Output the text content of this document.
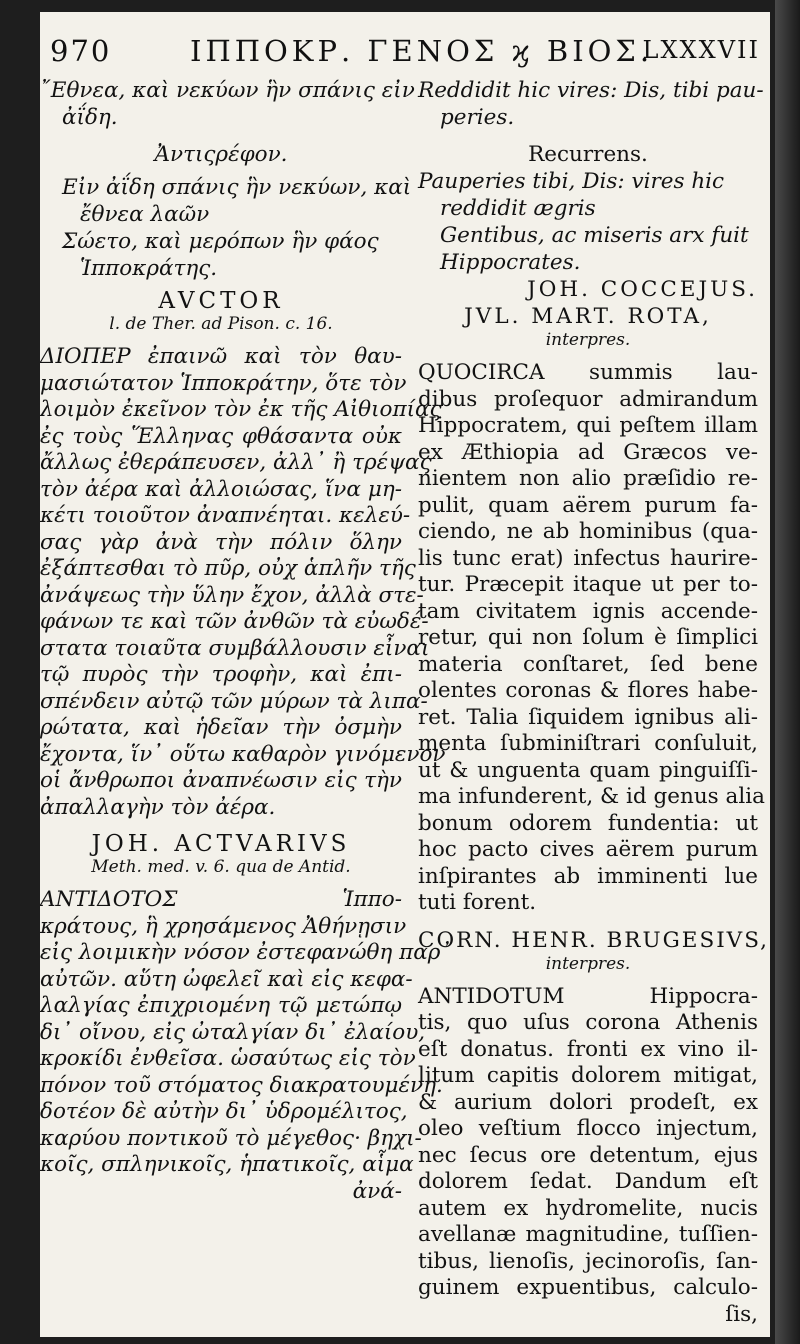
970	ΙΠΠΟΚΡ. ΓΕΝΟΣ ϗ ΒΙΟΣ.
LXXXVII
῎Εθνεα, καὶ νεκύων ἣν σπάνις εἰν
ἀΐδη.
Ἀντιςρέφον.
Εἰν ἀΐδη σπάνις ἣν νεκύων, καὶ
ἔθνεα λαῶν
Σώετο, καὶ μερόπων ἣν φάος
Ἱπποκράτης.
AVCTOR
l. de Ther. ad Pison. c. 16.
ΔΙΟΠΕΡ ἐπαινῶ καὶ τὸν θαυ-
μασιώτατον Ἱπποκράτην, ὅτε τὸν
λοιμὸν ἐκεῖνον τὸν ἐκ τῆς Αἰθιοπίας
ἐς τοὺς Ἕλληνας φθάσαντα οὐκ
ἄλλως ἐθεράπευσεν, ἀλλ᾽ ἢ τρέψας
τὸν ἀέρα καὶ ἀλλοιώσας, ἵνα μη-
κέτι τοιοῦτον ἀναπνέηται. κελεύ-
σας γὰρ ἀνὰ τὴν πόλιν ὅλην
ἐξάπτεσθαι τὸ πῦρ, οὐχ ἁπλῆν τῆς
ἀνάψεως τὴν ὕλην ἔχον, ἀλλὰ στε-
φάνων τε καὶ τῶν ἀνθῶν τὰ εὐωδέ-
στατα τοιαῦτα συμβάλλουσιν εἶναι
τῷ πυρὸς τὴν τροφὴν, καὶ ἐπι-
σπένδειν αὐτῷ τῶν μύρων τὰ λιπα-
ρώτατα, καὶ ἡδεῖαν τὴν ὀσμὴν
ἔχοντα, ἵν᾽ οὕτω καθαρὸν γινόμενον
οἱ ἄνθρωποι ἀναπνέωσιν εἰς τὴν
ἀπαλλαγὴν τὸν ἀέρα.
JOH. ACTVARIVS
Meth. med. v. 6. qua de Antid.
ΑΝΤΙΔΟΤΟΣ Ἱππο-
κράτους, ἣ χρησάμενος Ἀθήνῃσιν
εἰς λοιμικὴν νόσον ἐστεφανώθη παρ᾽
αὐτῶν. αὕτη ὠφελεῖ καὶ εἰς κεφα-
λαλγίας ἐπιχριομένη τῷ μετώπῳ
δι᾽ οἴνου, εἰς ὠταλγίαν δι᾽ ἐλαίου,
κροκίδι ἐνθεῖσα. ὡσαύτως εἰς τὸν
πόνον τοῦ στόματος διακρατουμένη.
δοτέον δὲ αὐτὴν δι᾽ ὑδρομέλιτος,
καρύου ποντικοῦ τὸ μέγεθος· βηχι-
κοῖς, σπληνικοῖς, ἡπατικοῖς, αἷμα
ἀνά-
Reddidit hic vires: Dis, tibi pau-
peries.
Recurrens.
Pauperies tibi, Dis: vires hic
reddidit ægris
Gentibus, ac miseris arx fuit
Hippocrates.
JOH. COCCEJUS.
JVL. MART. ROTA,
interpres.
QUOCIRCA summis lau-
dibus proſequor admirandum
Hippocratem, qui peſtem illam
ex Æthiopia ad Græcos ve-
nientem non alio præſidio re-
pulit, quam aërem purum fa-
ciendo, ne ab hominibus (qua-
lis tunc erat) infectus haurire-
tur. Præcepit itaque ut per to-
tam civitatem ignis accende-
retur, qui non ſolum è ſimplici
materia conſtaret, ſed bene
olentes coronas & flores habe-
ret. Talia ſiquidem ignibus ali-
menta ſubminiſtrari conſuluit,
ut & unguenta quam pinguiſſi-
ma infunderent, & id genus alia
bonum odorem fundentia: ut
hoc pacto cives aërem purum
inſpirantes ab imminenti lue
tuti forent.
CORN. HENR. BRUGESIVS,
interpres.
ANTIDOTUM Hippocra-
tis, quo uſus corona Athenis
eſt donatus. fronti ex vino il-
litum capitis dolorem mitigat,
& aurium dolori prodeſt, ex
oleo veſtium flocco injectum,
nec ſecus ore detentum, ejus
dolorem ſedat. Dandum eſt
autem ex hydromelite, nucis
avellanæ magnitudine, tuſſien-
tibus, lienoſis, jecinoroſis, ſan-
guinem expuentibus, calculo-
ſis,
